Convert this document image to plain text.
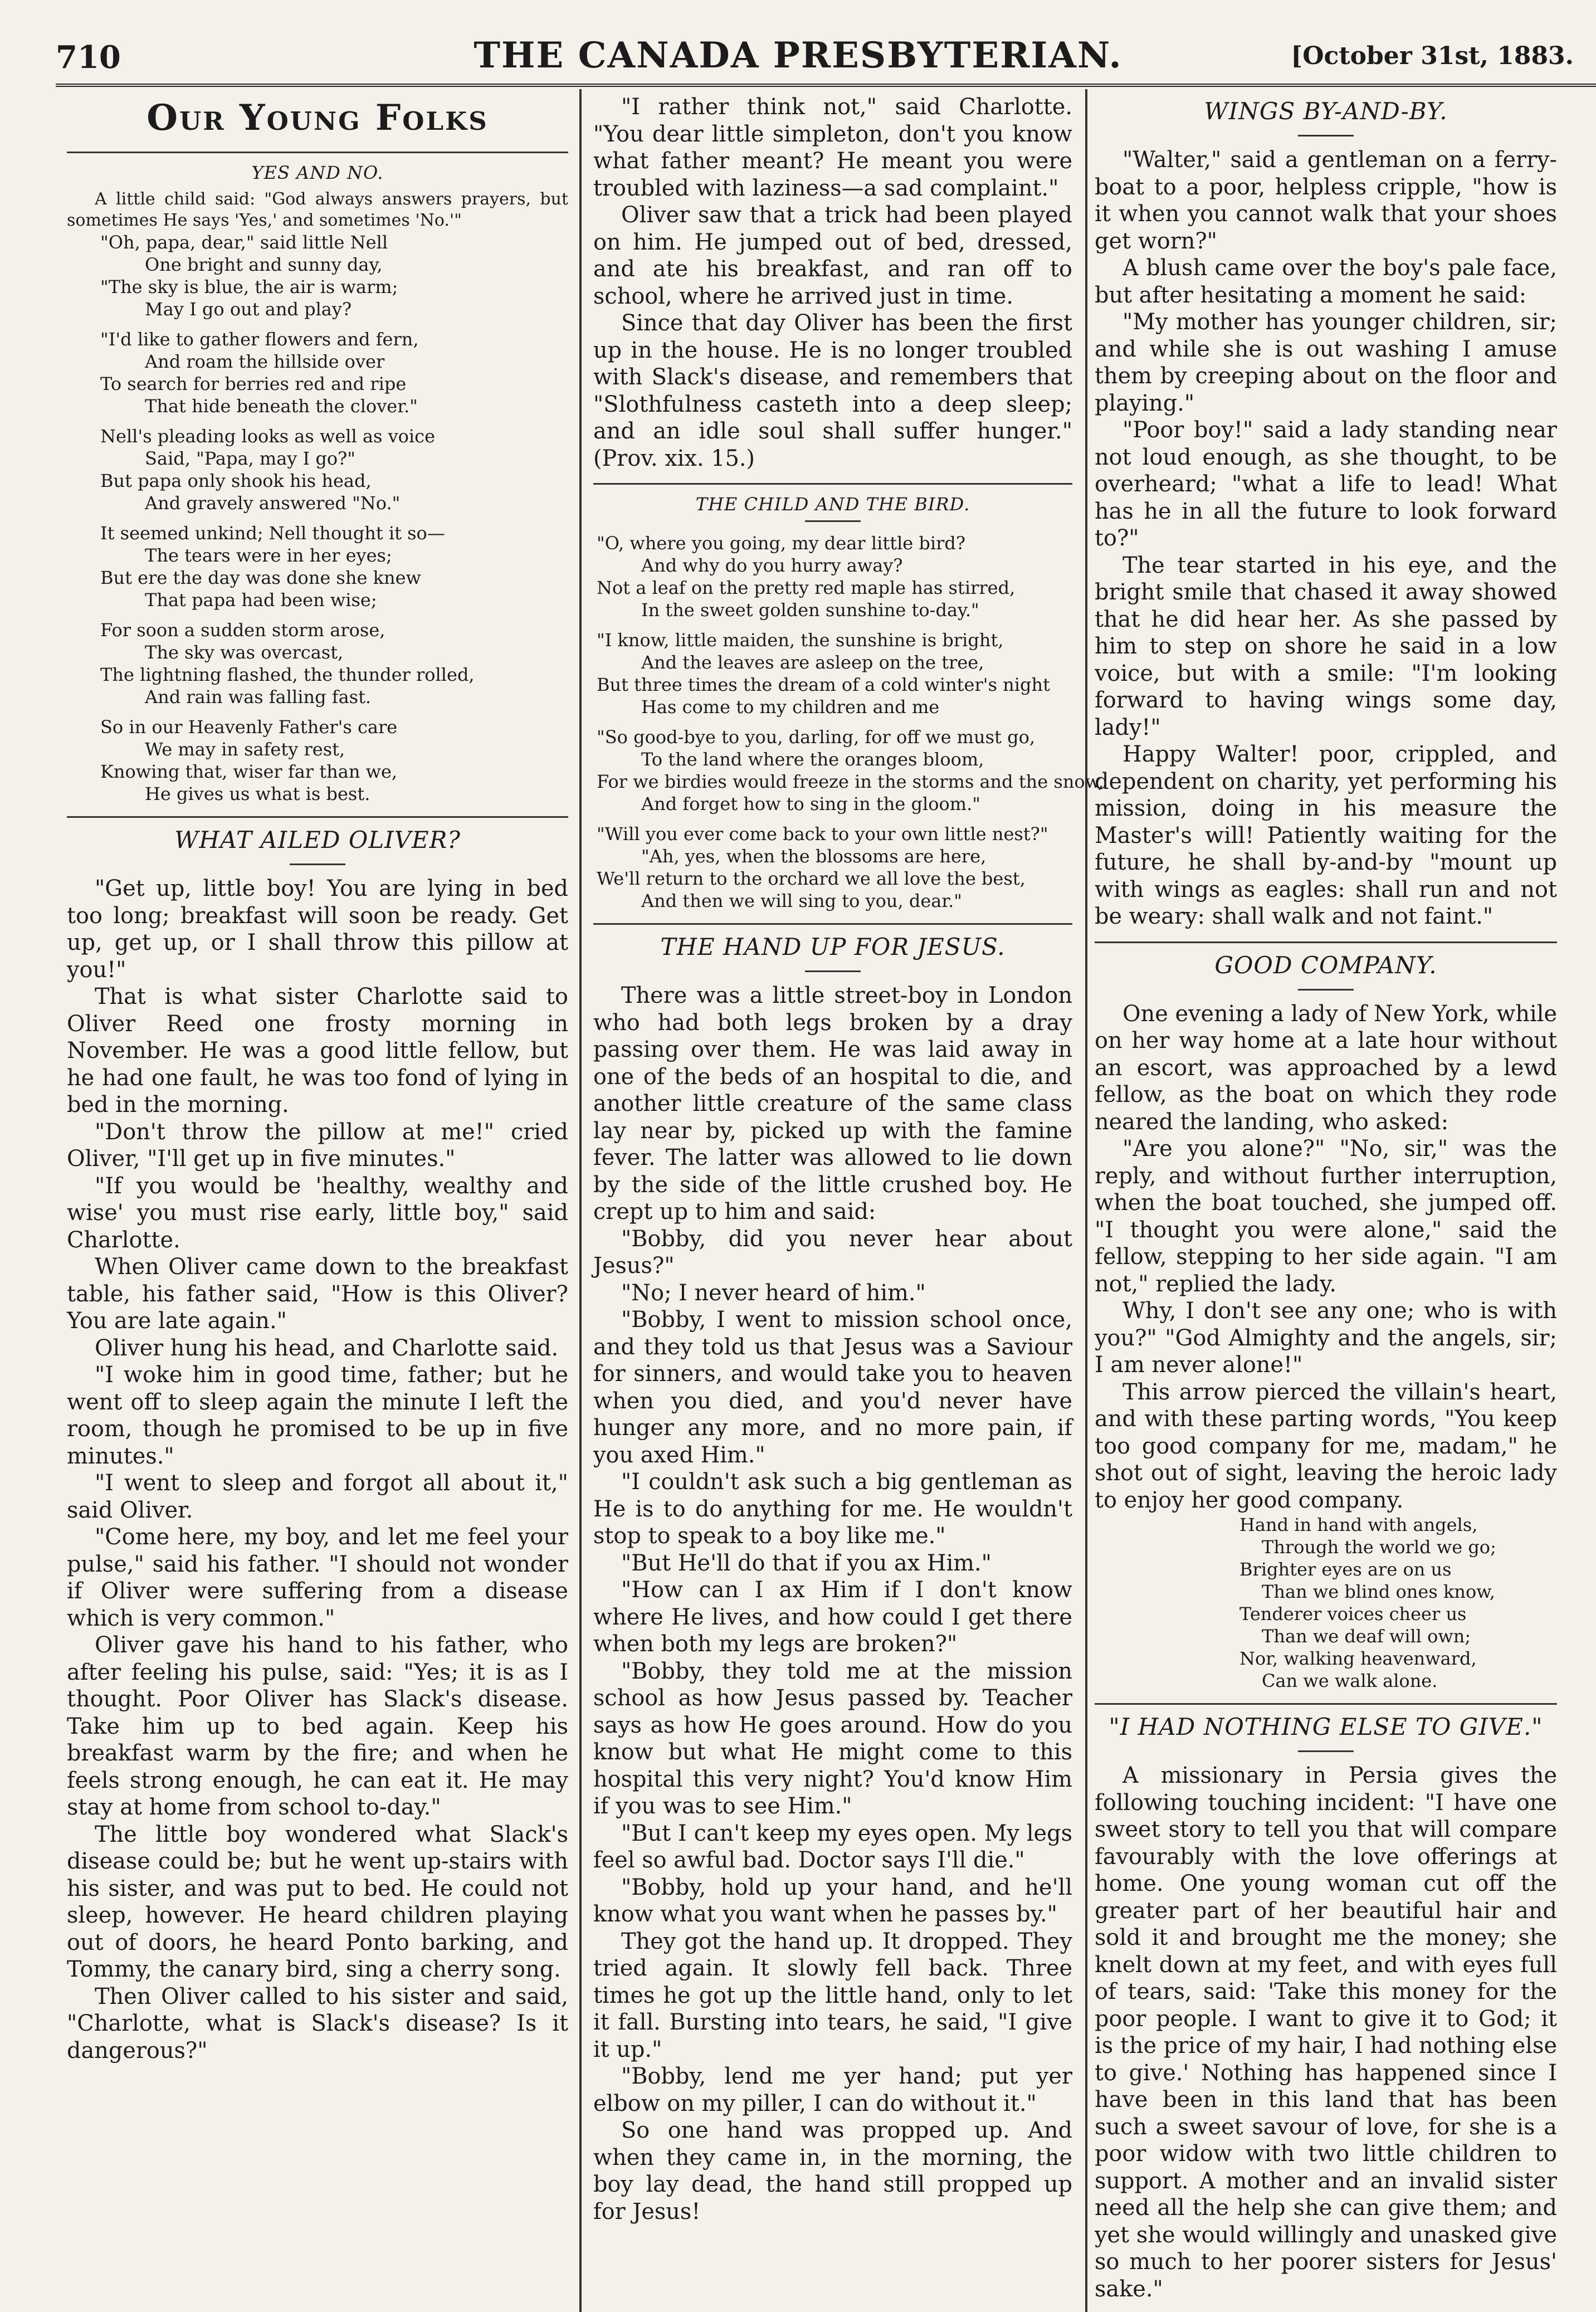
710	THE CANADA PRESBYTERIAN.	[October 31st, 1883.
Our Young Folks
YES AND NO.

A little child said: "God always answers prayers, but sometimes He says 'Yes,' and sometimes 'No.'"

"Oh, papa, dear," said little Nell
One bright and sunny day,
"The sky is blue, the air is warm;
May I go out and play?
"I'd like to gather flowers and fern,
And roam the hillside over
To search for berries red and ripe
That hide beneath the clover."
Nell's pleading looks as well as voice
Said, "Papa, may I go?"
But papa only shook his head,
And gravely answered "No."
It seemed unkind; Nell thought it so—
The tears were in her eyes;
But ere the day was done she knew
That papa had been wise;
For soon a sudden storm arose,
The sky was overcast,
The lightning flashed, the thunder rolled,
And rain was falling fast.
So in our Heavenly Father's care
We may in safety rest,
Knowing that, wiser far than we,
He gives us what is best.
WHAT AILED OLIVER?

"Get up, little boy! You are lying in bed too long; breakfast will soon be ready. Get up, get up, or I shall throw this pillow at you!"

That is what sister Charlotte said to Oliver Reed one frosty morning in November. He was a good little fellow, but he had one fault, he was too fond of lying in bed in the morning.

"Don't throw the pillow at me!" cried Oliver, "I'll get up in five minutes."

"If you would be 'healthy, wealthy and wise' you must rise early, little boy," said Charlotte.

When Oliver came down to the breakfast table, his father said, "How is this Oliver? You are late again."

Oliver hung his head, and Charlotte said.

"I woke him in good time, father; but he went off to sleep again the minute I left the room, though he promised to be up in five minutes."

"I went to sleep and forgot all about it," said Oliver.

"Come here, my boy, and let me feel your pulse," said his father. "I should not wonder if Oliver were suffering from a disease which is very common."

Oliver gave his hand to his father, who after feeling his pulse, said: "Yes; it is as I thought. Poor Oliver has Slack's disease. Take him up to bed again. Keep his breakfast warm by the fire; and when he feels strong enough, he can eat it. He may stay at home from school to-day."

The little boy wondered what Slack's disease could be; but he went up-stairs with his sister, and was put to bed. He could not sleep, however. He heard children playing out of doors, he heard Ponto barking, and Tommy, the canary bird, sing a cherry song.

Then Oliver called to his sister and said, "Charlotte, what is Slack's disease? Is it dangerous?"

"I rather think not," said Charlotte. "You dear little simpleton, don't you know what father meant? He meant you were troubled with laziness—a sad complaint."

Oliver saw that a trick had been played on him. He jumped out of bed, dressed, and ate his breakfast, and ran off to school, where he arrived just in time.

Since that day Oliver has been the first up in the house. He is no longer troubled with Slack's disease, and remembers that "Slothfulness casteth into a deep sleep; and an idle soul shall suffer hunger." (Prov. xix. 15.)

THE CHILD AND THE BIRD.
"O, where you going, my dear little bird?
And why do you hurry away?
Not a leaf on the pretty red maple has stirred,
In the sweet golden sunshine to-day."
"I know, little maiden, the sunshine is bright,
And the leaves are asleep on the tree,
But three times the dream of a cold winter's night
Has come to my children and me
"So good-bye to you, darling, for off we must go,
To the land where the oranges bloom,
For we birdies would freeze in the storms and the snow,
And forget how to sing in the gloom."
"Will you ever come back to your own little nest?"
"Ah, yes, when the blossoms are here,
We'll return to the orchard we all love the best,
And then we will sing to you, dear."
THE HAND UP FOR JESUS.

There was a little street-boy in London who had both legs broken by a dray passing over them. He was laid away in one of the beds of an hospital to die, and another little creature of the same class lay near by, picked up with the famine fever. The latter was allowed to lie down by the side of the little crushed boy. He crept up to him and said:

"Bobby, did you never hear about Jesus?"

"No; I never heard of him."

"Bobby, I went to mission school once, and they told us that Jesus was a Saviour for sinners, and would take you to heaven when you died, and you'd never have hunger any more, and no more pain, if you axed Him."

"I couldn't ask such a big gentleman as He is to do anything for me. He wouldn't stop to speak to a boy like me."

"But He'll do that if you ax Him."

"How can I ax Him if I don't know where He lives, and how could I get there when both my legs are broken?"

"Bobby, they told me at the mission school as how Jesus passed by. Teacher says as how He goes around. How do you know but what He might come to this hospital this very night? You'd know Him if you was to see Him."

"But I can't keep my eyes open. My legs feel so awful bad. Doctor says I'll die."

"Bobby, hold up your hand, and he'll know what you want when he passes by."

They got the hand up. It dropped. They tried again. It slowly fell back. Three times he got up the little hand, only to let it fall. Bursting into tears, he said, "I give it up."

"Bobby, lend me yer hand; put yer elbow on my piller, I can do without it."

So one hand was propped up. And when they came in, in the morning, the boy lay dead, the hand still propped up for Jesus!

WINGS BY-AND-BY.

"Walter," said a gentleman on a ferry-boat to a poor, helpless cripple, "how is it when you cannot walk that your shoes get worn?"

A blush came over the boy's pale face, but after hesitating a moment he said:

"My mother has younger children, sir; and while she is out washing I amuse them by creeping about on the floor and playing."

"Poor boy!" said a lady standing near not loud enough, as she thought, to be overheard; "what a life to lead! What has he in all the future to look forward to?"

The tear started in his eye, and the bright smile that chased it away showed that he did hear her. As she passed by him to step on shore he said in a low voice, but with a smile: "I'm looking forward to having wings some day, lady!"

Happy Walter! poor, crippled, and dependent on charity, yet performing his mission, doing in his measure the Master's will! Patiently waiting for the future, he shall by-and-by "mount up with wings as eagles: shall run and not be weary: shall walk and not faint."

GOOD COMPANY.

One evening a lady of New York, while on her way home at a late hour without an escort, was approached by a lewd fellow, as the boat on which they rode neared the landing, who asked:

"Are you alone?" "No, sir," was the reply, and without further interruption, when the boat touched, she jumped off. "I thought you were alone," said the fellow, stepping to her side again. "I am not," replied the lady.

Why, I don't see any one; who is with you?" "God Almighty and the angels, sir; I am never alone!"

This arrow pierced the villain's heart, and with these parting words, "You keep too good company for me, madam," he shot out of sight, leaving the heroic lady to enjoy her good company.

Hand in hand with angels,
Through the world we go;
Brighter eyes are on us
Than we blind ones know,
Tenderer voices cheer us
Than we deaf will own;
Nor, walking heavenward,
Can we walk alone.
"I HAD NOTHING ELSE TO GIVE."

A missionary in Persia gives the following touching incident: "I have one sweet story to tell you that will compare favourably with the love offerings at home. One young woman cut off the greater part of her beautiful hair and sold it and brought me the money; she knelt down at my feet, and with eyes full of tears, said: 'Take this money for the poor people. I want to give it to God; it is the price of my hair, I had nothing else to give.' Nothing has happened since I have been in this land that has been such a sweet savour of love, for she is a poor widow with two little children to support. A mother and an invalid sister need all the help she can give them; and yet she would willingly and unasked give so much to her poorer sisters for Jesus' sake."
